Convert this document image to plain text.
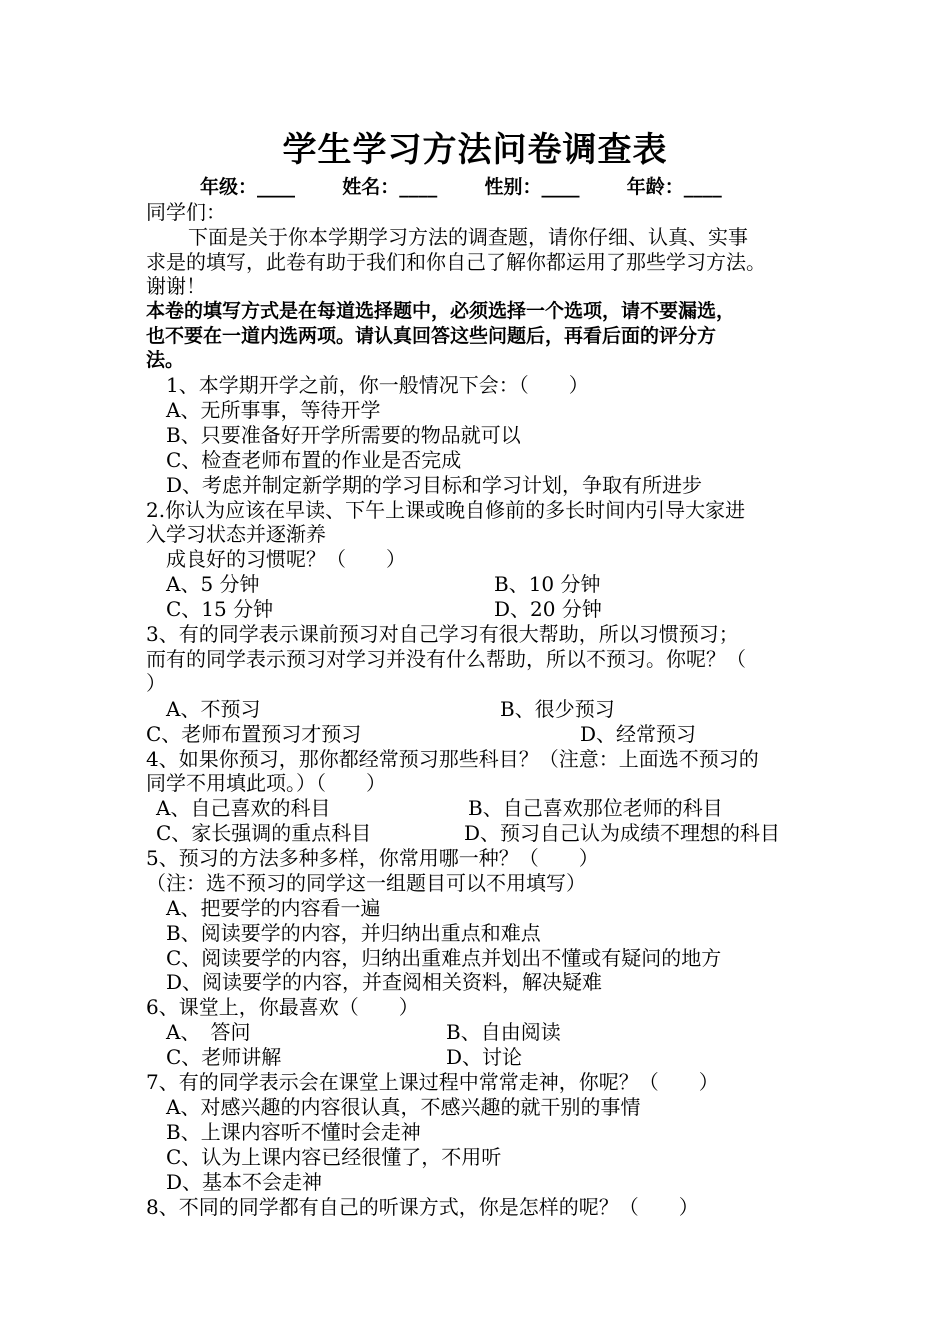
学生学习方法问卷调查表
年级：____ 姓名：____ 性别：____ 年龄：____
同学们：
下面是关于你本学期学习方法的调查题，请你仔细、认真、实事
求是的填写，此卷有助于我们和你自己了解你都运用了那些学习方法。
谢谢！
本卷的填写方式是在每道选择题中，必须选择一个选项，请不要漏选，
也不要在一道内选两项。请认真回答这些问题后，再看后面的评分方
法。
1、本学期开学之前，你一般情况下会：（　　）
A、无所事事，等待开学
B、只要准备好开学所需要的物品就可以
C、检查老师布置的作业是否完成
D、考虑并制定新学期的学习目标和学习计划，争取有所进步
2.你认为应该在早读、下午上课或晚自修前的多长时间内引导大家进
入学习状态并逐渐养
成良好的习惯呢？（　　）
A、5 分钟	B、10 分钟
C、15 分钟	D、20 分钟
3、有的同学表示课前预习对自己学习有很大帮助，所以习惯预习；
而有的同学表示预习对学习并没有什么帮助，所以不预习。你呢？（
）
A、不预习	B、很少预习
C、老师布置预习才预习	D、经常预习
4、如果你预习，那你都经常预习那些科目？（注意：上面选不预习的
同学不用填此项。）（　　）
A、自己喜欢的科目	B、自己喜欢那位老师的科目
C、家长强调的重点科目	D、预习自己认为成绩不理想的科目
5、预习的方法多种多样，你常用哪一种？（　　）
（注：选不预习的同学这一组题目可以不用填写）
A、把要学的内容看一遍
B、阅读要学的内容，并归纳出重点和难点
C、阅读要学的内容，归纳出重难点并划出不懂或有疑问的地方
D、阅读要学的内容，并查阅相关资料，解决疑难
6、课堂上，你最喜欢（　　）
A、　答问	B、自由阅读
C、老师讲解	D、讨论
7、有的同学表示会在课堂上课过程中常常走神，你呢？（　　）
A、对感兴趣的内容很认真，不感兴趣的就干别的事情
B、上课内容听不懂时会走神
C、认为上课内容已经很懂了，不用听
D、基本不会走神
8、不同的同学都有自己的听课方式，你是怎样的呢？（　　）
